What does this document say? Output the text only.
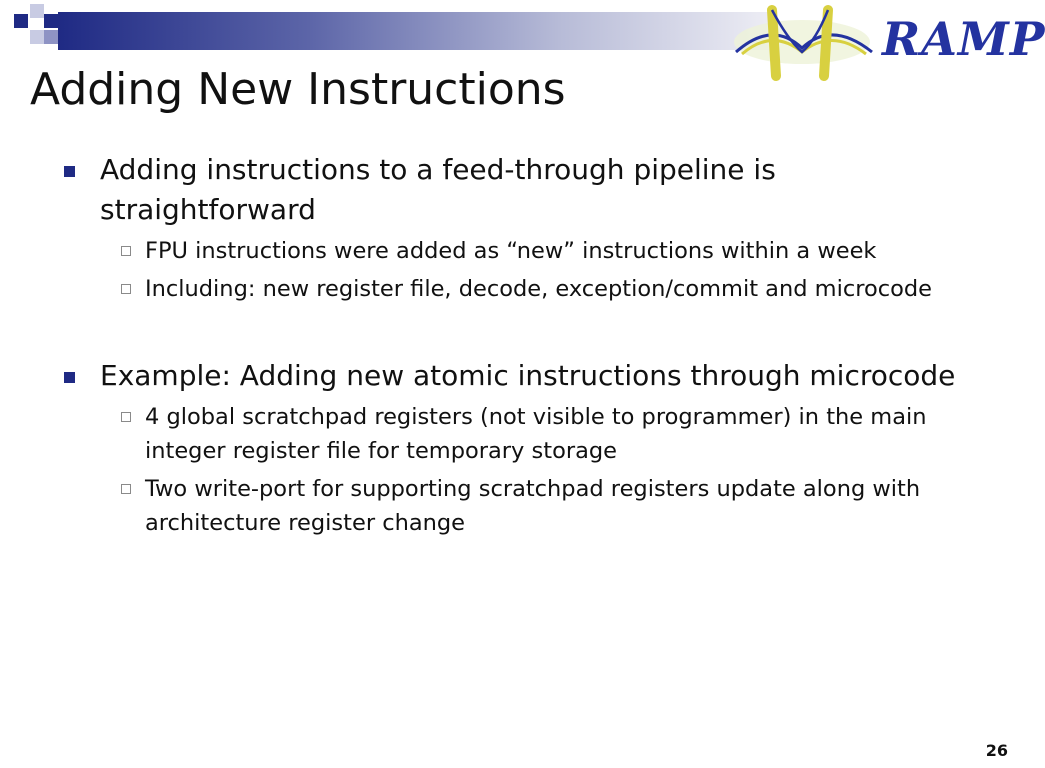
RAMP
Adding New Instructions
Adding instructions to a feed-through pipeline is straightforward
FPU instructions were added as “new” instructions within a week
Including: new register file, decode, exception/commit and microcode
Example: Adding new atomic instructions through microcode
4 global scratchpad registers (not visible to programmer) in the main integer register file for temporary storage
Two write-port for supporting scratchpad registers update along with architecture register change
26
